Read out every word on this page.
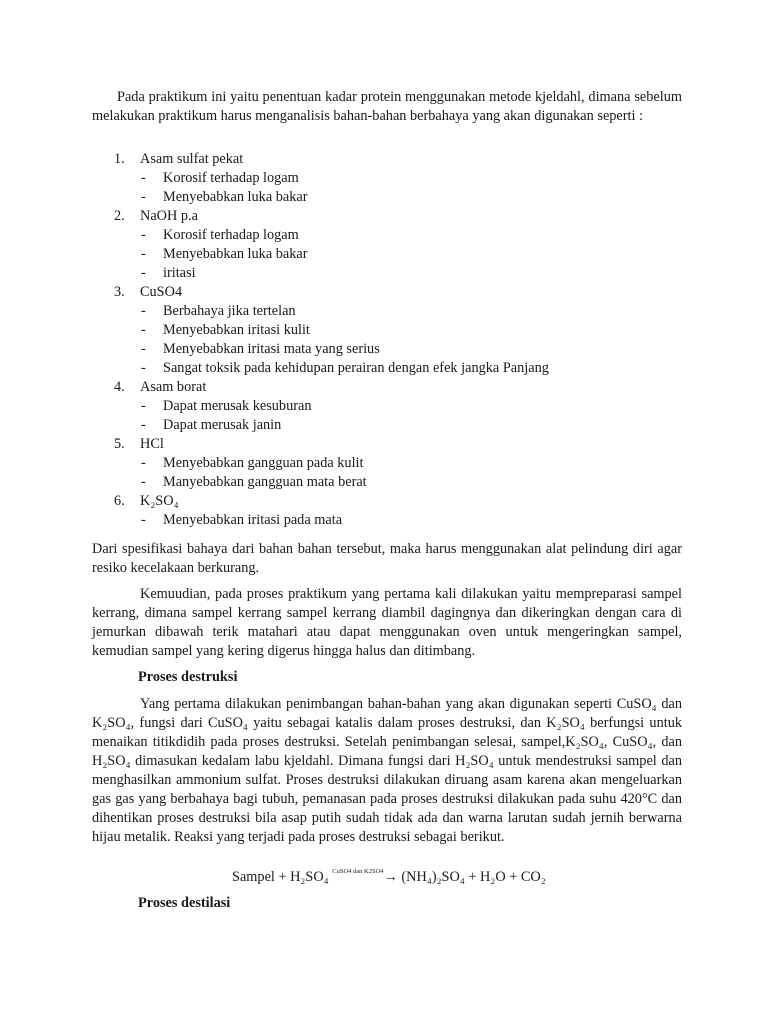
Pada praktikum ini yaitu penentuan kadar protein menggunakan metode kjeldahl, dimana sebelum melakukan praktikum harus menganalisis bahan-bahan berbahaya yang akan digunakan seperti :

1. Asam sulfat pekat
- Korosif terhadap logam
- Menyebabkan luka bakar
2. NaOH p.a
- Korosif terhadap logam
- Menyebabkan luka bakar
- iritasi
3. CuSO4
- Berbahaya jika tertelan
- Menyebabkan iritasi kulit
- Menyebabkan iritasi mata yang serius
- Sangat toksik pada kehidupan perairan dengan efek jangka Panjang
4. Asam borat
- Dapat merusak kesuburan
- Dapat merusak janin
5. HCl
- Menyebabkan gangguan pada kulit
- Manyebabkan gangguan mata berat
6. K₂SO₄
- Menyebabkan iritasi pada mata

Dari spesifikasi bahaya dari bahan bahan tersebut, maka harus menggunakan alat pelindung diri agar resiko kecelakaan berkurang.

Kemuudian, pada proses praktikum yang pertama kali dilakukan yaitu mempreparasi sampel kerrang, dimana sampel kerrang sampel kerrang diambil dagingnya dan dikeringkan dengan cara di jemurkan dibawah terik matahari atau dapat menggunakan oven untuk mengeringkan sampel, kemudian sampel yang kering digerus hingga halus dan ditimbang.

Proses destruksi

Yang pertama dilakukan penimbangan bahan-bahan yang akan digunakan seperti CuSO₄ dan K₂SO₄, fungsi dari CuSO₄ yaitu sebagai katalis dalam proses destruksi, dan K₂SO₄ berfungsi untuk menaikan titikdidih pada proses destruksi. Setelah penimbangan selesai, sampel,K₂SO₄, CuSO₄, dan H₂SO₄ dimasukan kedalam labu kjeldahl. Dimana fungsi dari H₂SO₄ untuk mendestruksi sampel dan menghasilkan ammonium sulfat. Proses destruksi dilakukan diruang asam karena akan mengeluarkan gas gas yang berbahaya bagi tubuh, pemanasan pada proses destruksi dilakukan pada suhu 420°C dan dihentikan proses destruksi bila asap putih sudah tidak ada dan warna larutan sudah jernih berwarna hijau metalik. Reaksi yang terjadi pada proses destruksi sebagai berikut.

Sampel + H₂SO₄ $^{CuSO4 dan K2SO4}$→ (NH₄)₂SO₄ + H₂O + CO₂
Proses destilasi
